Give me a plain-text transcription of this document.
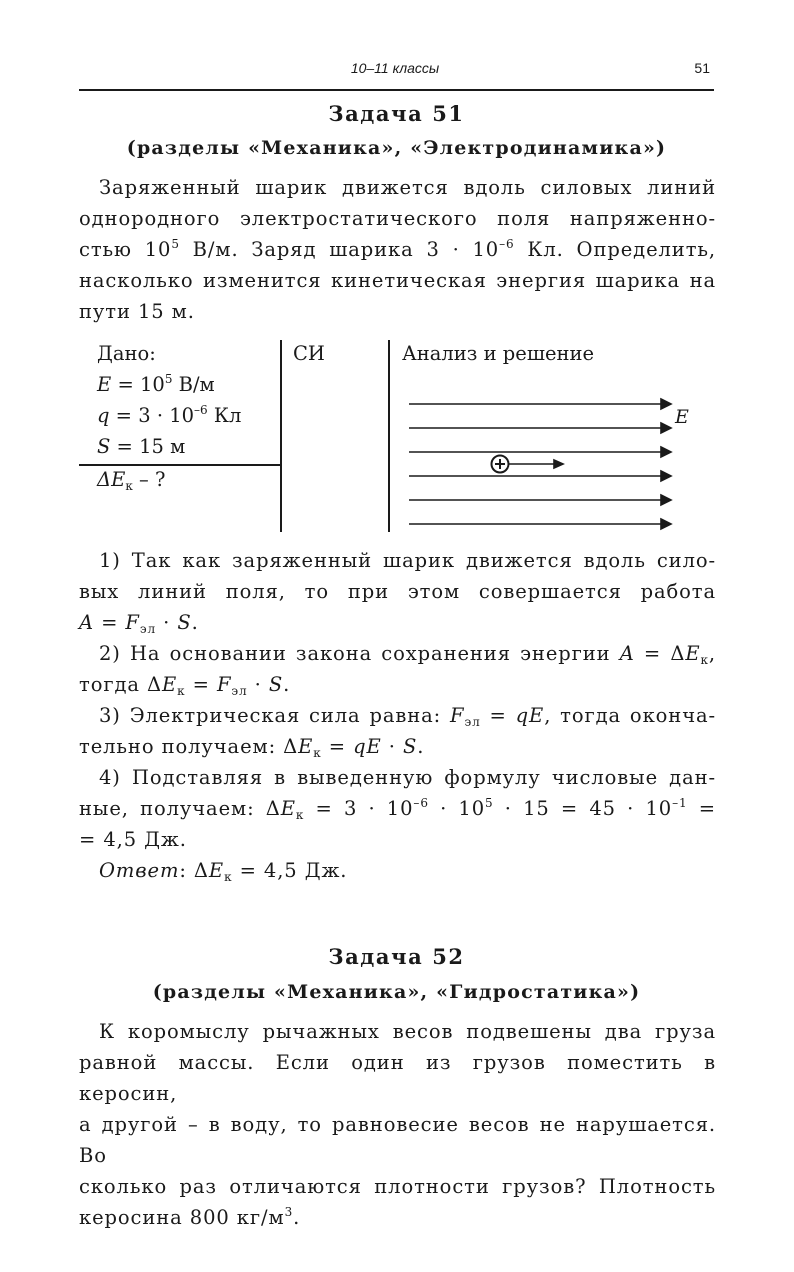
10–11 классы	51
Задача 51
(разделы «Механика», «Электродинамика»)
Заряженный шарик движется вдоль силовых линий
однородного электростатического поля напряженно-
стью $10^5$ В/м. Заряд шарика $3 \cdot 10^{-6}$ Кл. Определить,
насколько изменится кинетическая энергия шарика на
пути 15 м.
Дано:
$E = 10^5$ В/м
$q = 3 \cdot 10^{-6}$ Кл
S = 15 м
$\Delta E_к$ – ?
СИ	Анализ и решение
E
1) Так как заряженный шарик движется вдоль сило-
вых линий поля, то при этом совершается работа
$A = F_{эл} \cdot S$.
2) На основании закона сохранения энергии $A = \Delta E_к$,
тогда $\Delta E_к = F_{эл} \cdot S$.
3) Электрическая сила равна: $F_{эл}$ = qE, тогда оконча-
тельно получаем: $\Delta E_к$ = qE · S.
4) Подставляя в выведенную формулу числовые дан-
ные, получаем: $\Delta E_к = 3 \cdot 10^{-6} \cdot 10^5 \cdot 15 = 45 \cdot 10^{-1}$ =
= 4,5 Дж.
Ответ: $\Delta E_к = 4,5$ Дж.
Задача 52
(разделы «Механика», «Гидростатика»)
К коромыслу рычажных весов подвешены два груза
равной массы. Если один из грузов поместить в керосин,
а другой – в воду, то равновесие весов не нарушается. Во
сколько раз отличаются плотности грузов? Плотность
керосина 800 $кг/м^3$.
